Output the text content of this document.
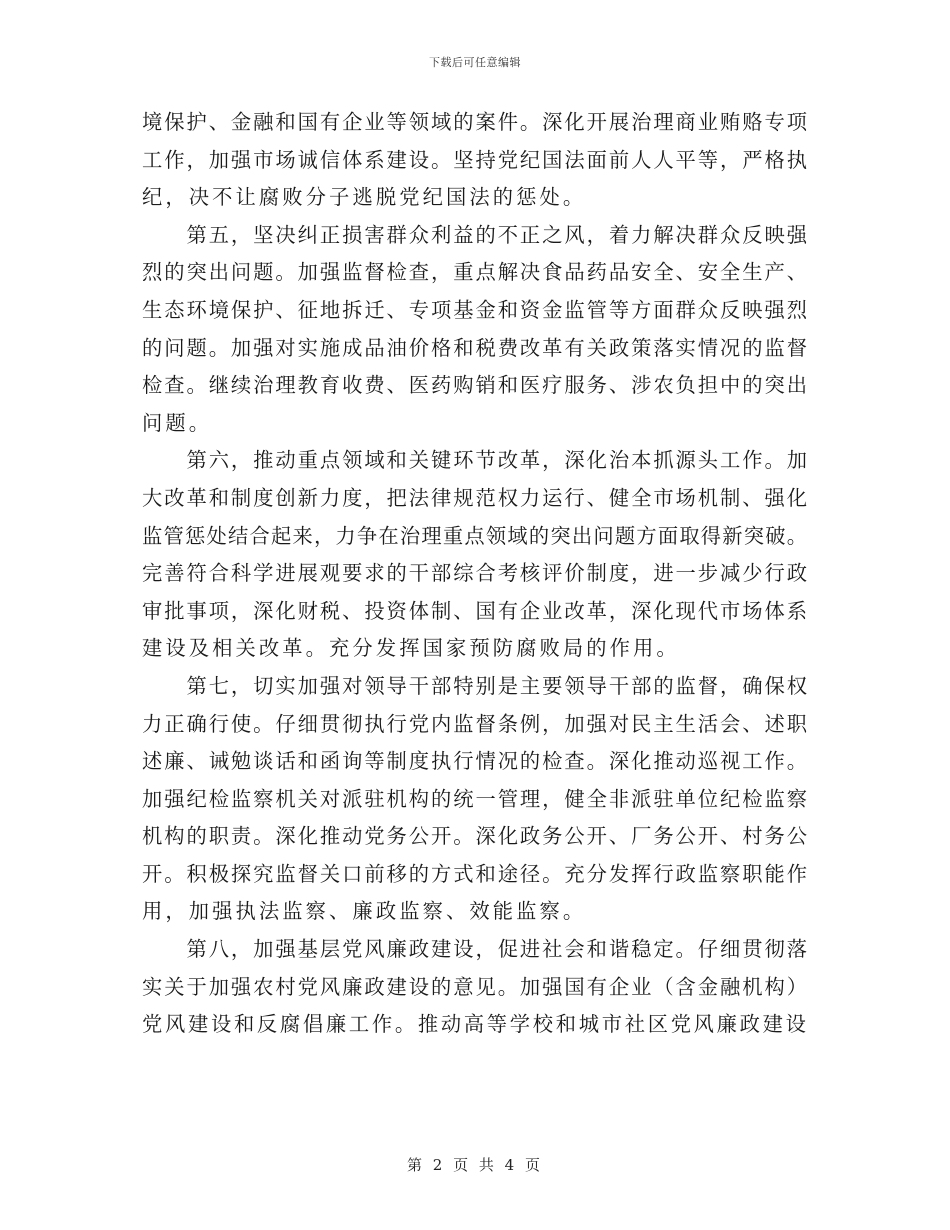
下载后可任意编辑
境保护、金融和国有企业等领域的案件。深化开展治理商业贿赂专项
工作，加强市场诚信体系建设。坚持党纪国法面前人人平等，严格执
纪，决不让腐败分子逃脱党纪国法的惩处。
　　第五，坚决纠正损害群众利益的不正之风，着力解决群众反映强
烈的突出问题。加强监督检查，重点解决食品药品安全、安全生产、
生态环境保护、征地拆迁、专项基金和资金监管等方面群众反映强烈
的问题。加强对实施成品油价格和税费改革有关政策落实情况的监督
检查。继续治理教育收费、医药购销和医疗服务、涉农负担中的突出
问题。
　　第六，推动重点领域和关键环节改革，深化治本抓源头工作。加
大改革和制度创新力度，把法律规范权力运行、健全市场机制、强化
监管惩处结合起来，力争在治理重点领域的突出问题方面取得新突破。
完善符合科学进展观要求的干部综合考核评价制度，进一步减少行政
审批事项，深化财税、投资体制、国有企业改革，深化现代市场体系
建设及相关改革。充分发挥国家预防腐败局的作用。
　　第七，切实加强对领导干部特别是主要领导干部的监督，确保权
力正确行使。仔细贯彻执行党内监督条例，加强对民主生活会、述职
述廉、诫勉谈话和函询等制度执行情况的检查。深化推动巡视工作。
加强纪检监察机关对派驻机构的统一管理，健全非派驻单位纪检监察
机构的职责。深化推动党务公开。深化政务公开、厂务公开、村务公
开。积极探究监督关口前移的方式和途径。充分发挥行政监察职能作
用，加强执法监察、廉政监察、效能监察。
　　第八，加强基层党风廉政建设，促进社会和谐稳定。仔细贯彻落
实关于加强农村党风廉政建设的意见。加强国有企业（含金融机构）
党风建设和反腐倡廉工作。推动高等学校和城市社区党风廉政建设
第 2 页 共 4 页
